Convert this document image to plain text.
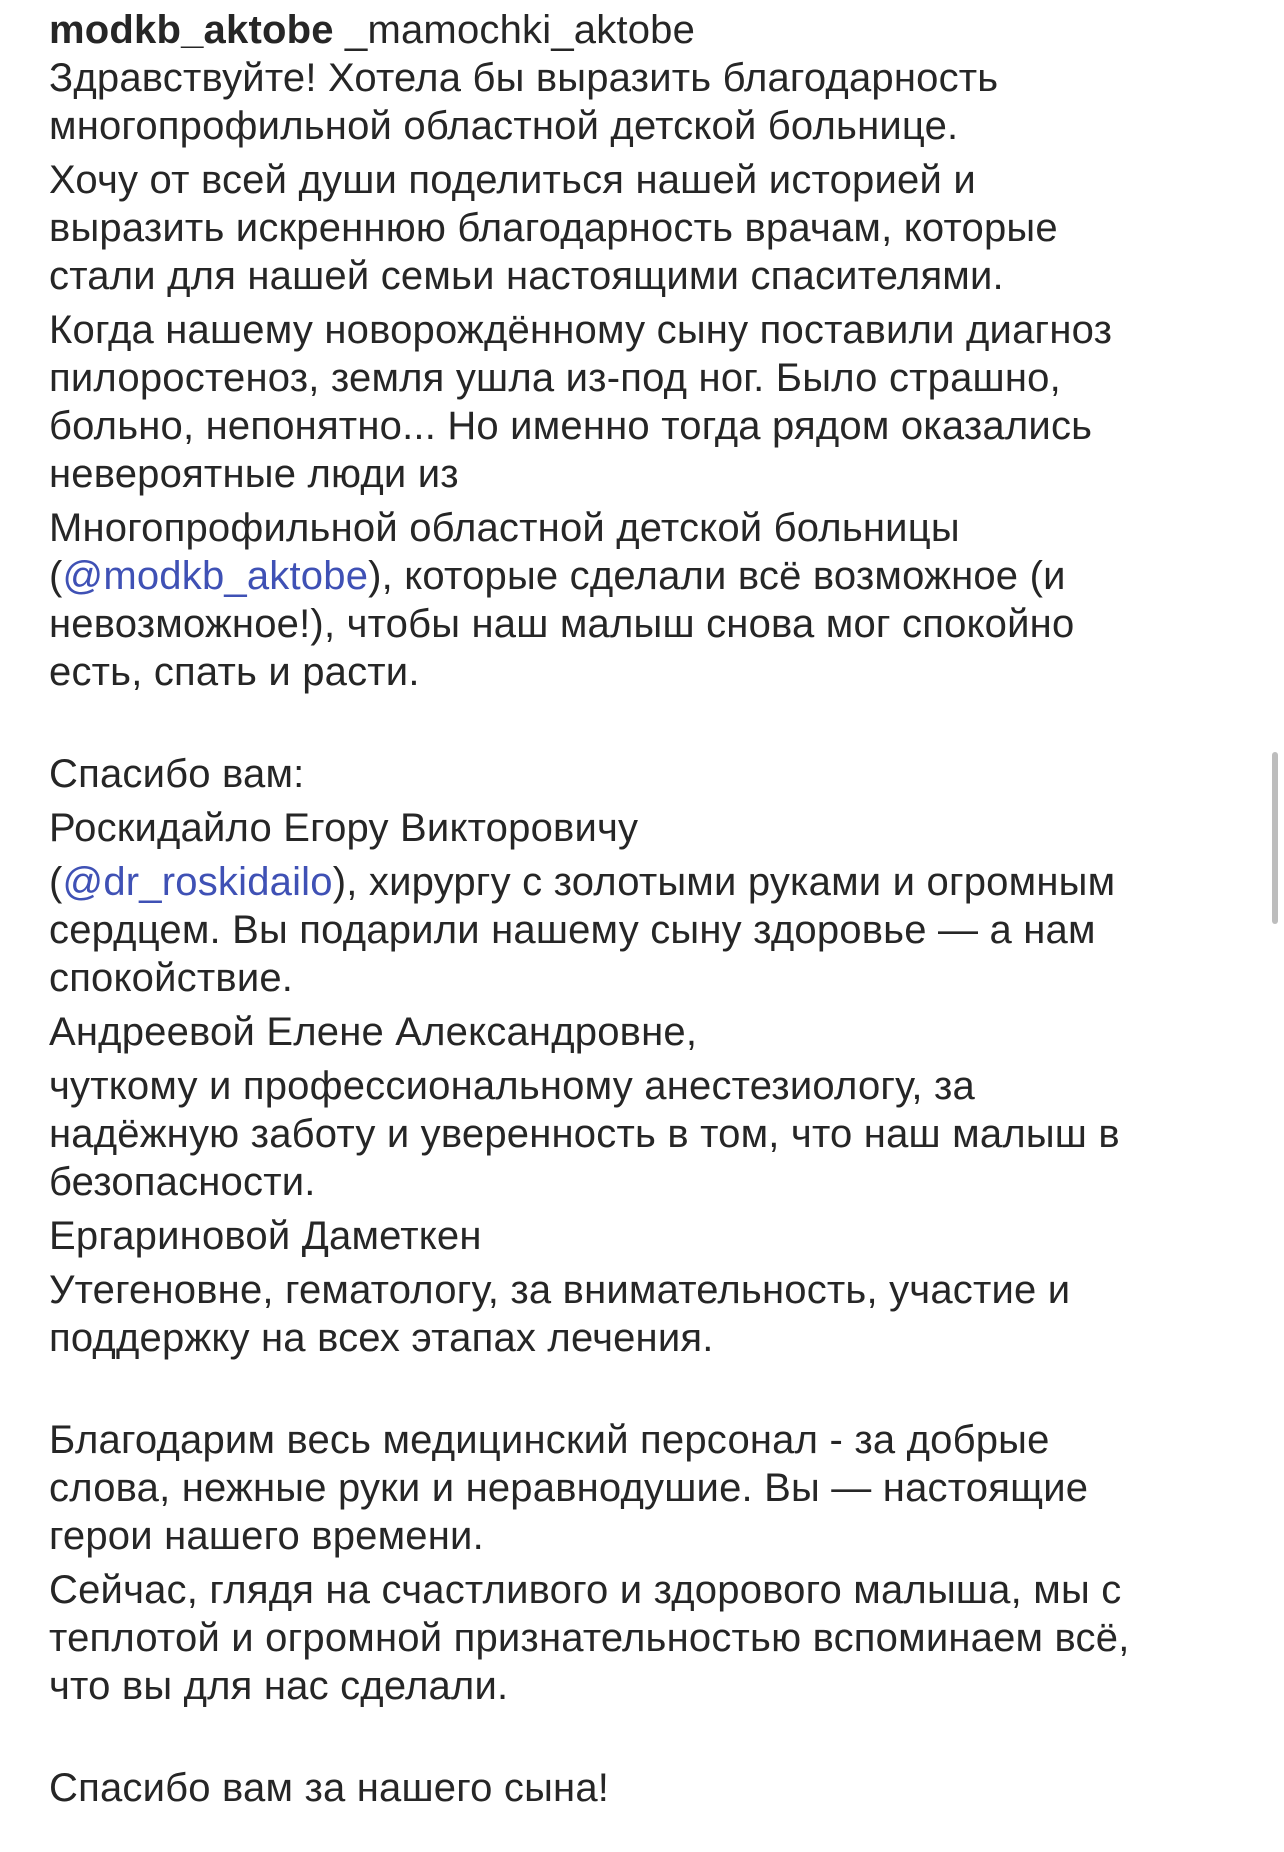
modkb_aktobe _mamochki_aktobe
Здравствуйте! Хотела бы выразить благодарность
многопрофильной областной детской больнице.
Хочу от всей души поделиться нашей историей и
выразить искреннюю благодарность врачам, которые
стали для нашей семьи настоящими спасителями.
Когда нашему новорождённому сыну поставили диагноз
пилоростеноз, земля ушла из-под ног. Было страшно,
больно, непонятно... Но именно тогда рядом оказались
невероятные люди из
Многопрофильной областной детской больницы
(@modkb_aktobe), которые сделали всё возможное (и
невозможное!), чтобы наш малыш снова мог спокойно
есть, спать и расти.
Спасибо вам:
Роскидайло Егору Викторовичу
(@dr_roskidailo), хирургу с золотыми руками и огромным
сердцем. Вы подарили нашему сыну здоровье — а нам
спокойствие.
Андреевой Елене Александровне,
чуткому и профессиональному анестезиологу, за
надёжную заботу и уверенность в том, что наш малыш в
безопасности.
Ергариновой Даметкен
Утегеновне, гематологу, за внимательность, участие и
поддержку на всех этапах лечения.
Благодарим весь медицинский персонал - за добрые
слова, нежные руки и неравнодушие. Вы — настоящие
герои нашего времени.
Сейчас, глядя на счастливого и здорового малыша, мы с
теплотой и огромной признательностью вспоминаем всё,
что вы для нас сделали.
Спасибо вам за нашего сына!
